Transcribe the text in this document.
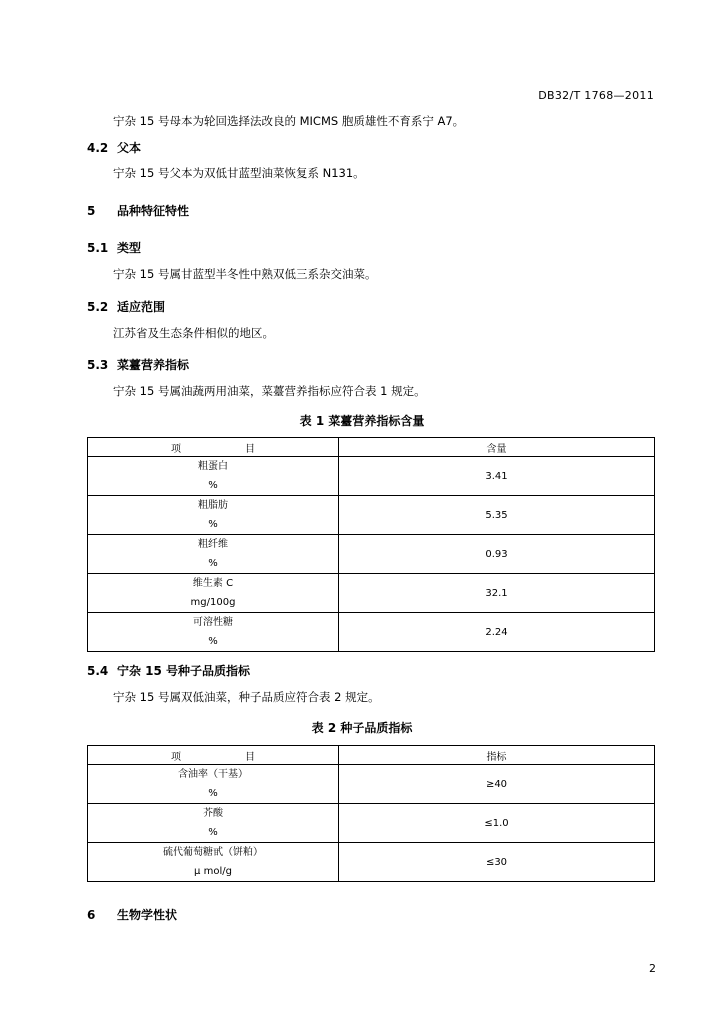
DB32/T 1768—2011
宁杂 15 号母本为轮回选择法改良的 MICMS 胞质雄性不育系宁 A7。
4.2 父本
宁杂 15 号父本为双低甘蓝型油菜恢复系 N131。
5 品种特征特性
5.1 类型
宁杂 15 号属甘蓝型半冬性中熟双低三系杂交油菜。
5.2 适应范围
江苏省及生态条件相似的地区。
5.3 菜薹营养指标
宁杂 15 号属油蔬两用油菜，菜薹营养指标应符合表 1 规定。
表 1 菜薹营养指标含量
项 目	含量

粗蛋白
%	3.41

粗脂肪
%	5.35

粗纤维
%	0.93

维生素 C
mg/100g	32.1

可溶性糖
%	2.24
5.4 宁杂 15 号种子品质指标
宁杂 15 号属双低油菜，种子品质应符合表 2 规定。
表 2 种子品质指标
项 目	指标

含油率（干基）
%	≥40

芥酸
%	≤1.0

硫代葡萄糖甙（饼粕）
μ mol/g	≤30
6 生物学性状
2
